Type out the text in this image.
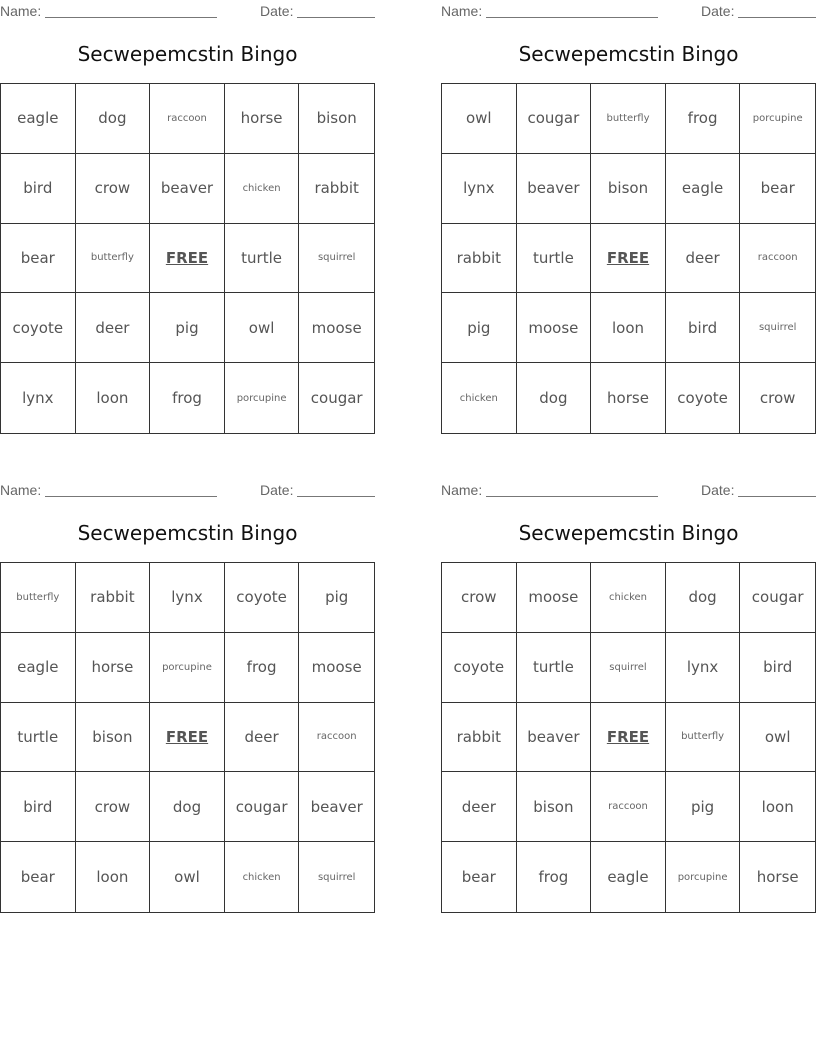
Name:	Date:
Secwepemcstin Bingo
eagle	dog	raccoon	horse	bison
bird	crow	beaver	chicken	rabbit
bear	butterfly	FREE	turtle	squirrel
coyote	deer	pig	owl	moose
lynx	loon	frog	porcupine	cougar
Name:	Date:
Secwepemcstin Bingo
owl	cougar	butterfly	frog	porcupine
lynx	beaver	bison	eagle	bear
rabbit	turtle	FREE	deer	raccoon
pig	moose	loon	bird	squirrel
chicken	dog	horse	coyote	crow
Name:	Date:
Secwepemcstin Bingo
butterfly	rabbit	lynx	coyote	pig
eagle	horse	porcupine	frog	moose
turtle	bison	FREE	deer	raccoon
bird	crow	dog	cougar	beaver
bear	loon	owl	chicken	squirrel
Name:	Date:
Secwepemcstin Bingo
crow	moose	chicken	dog	cougar
coyote	turtle	squirrel	lynx	bird
rabbit	beaver	FREE	butterfly	owl
deer	bison	raccoon	pig	loon
bear	frog	eagle	porcupine	horse
